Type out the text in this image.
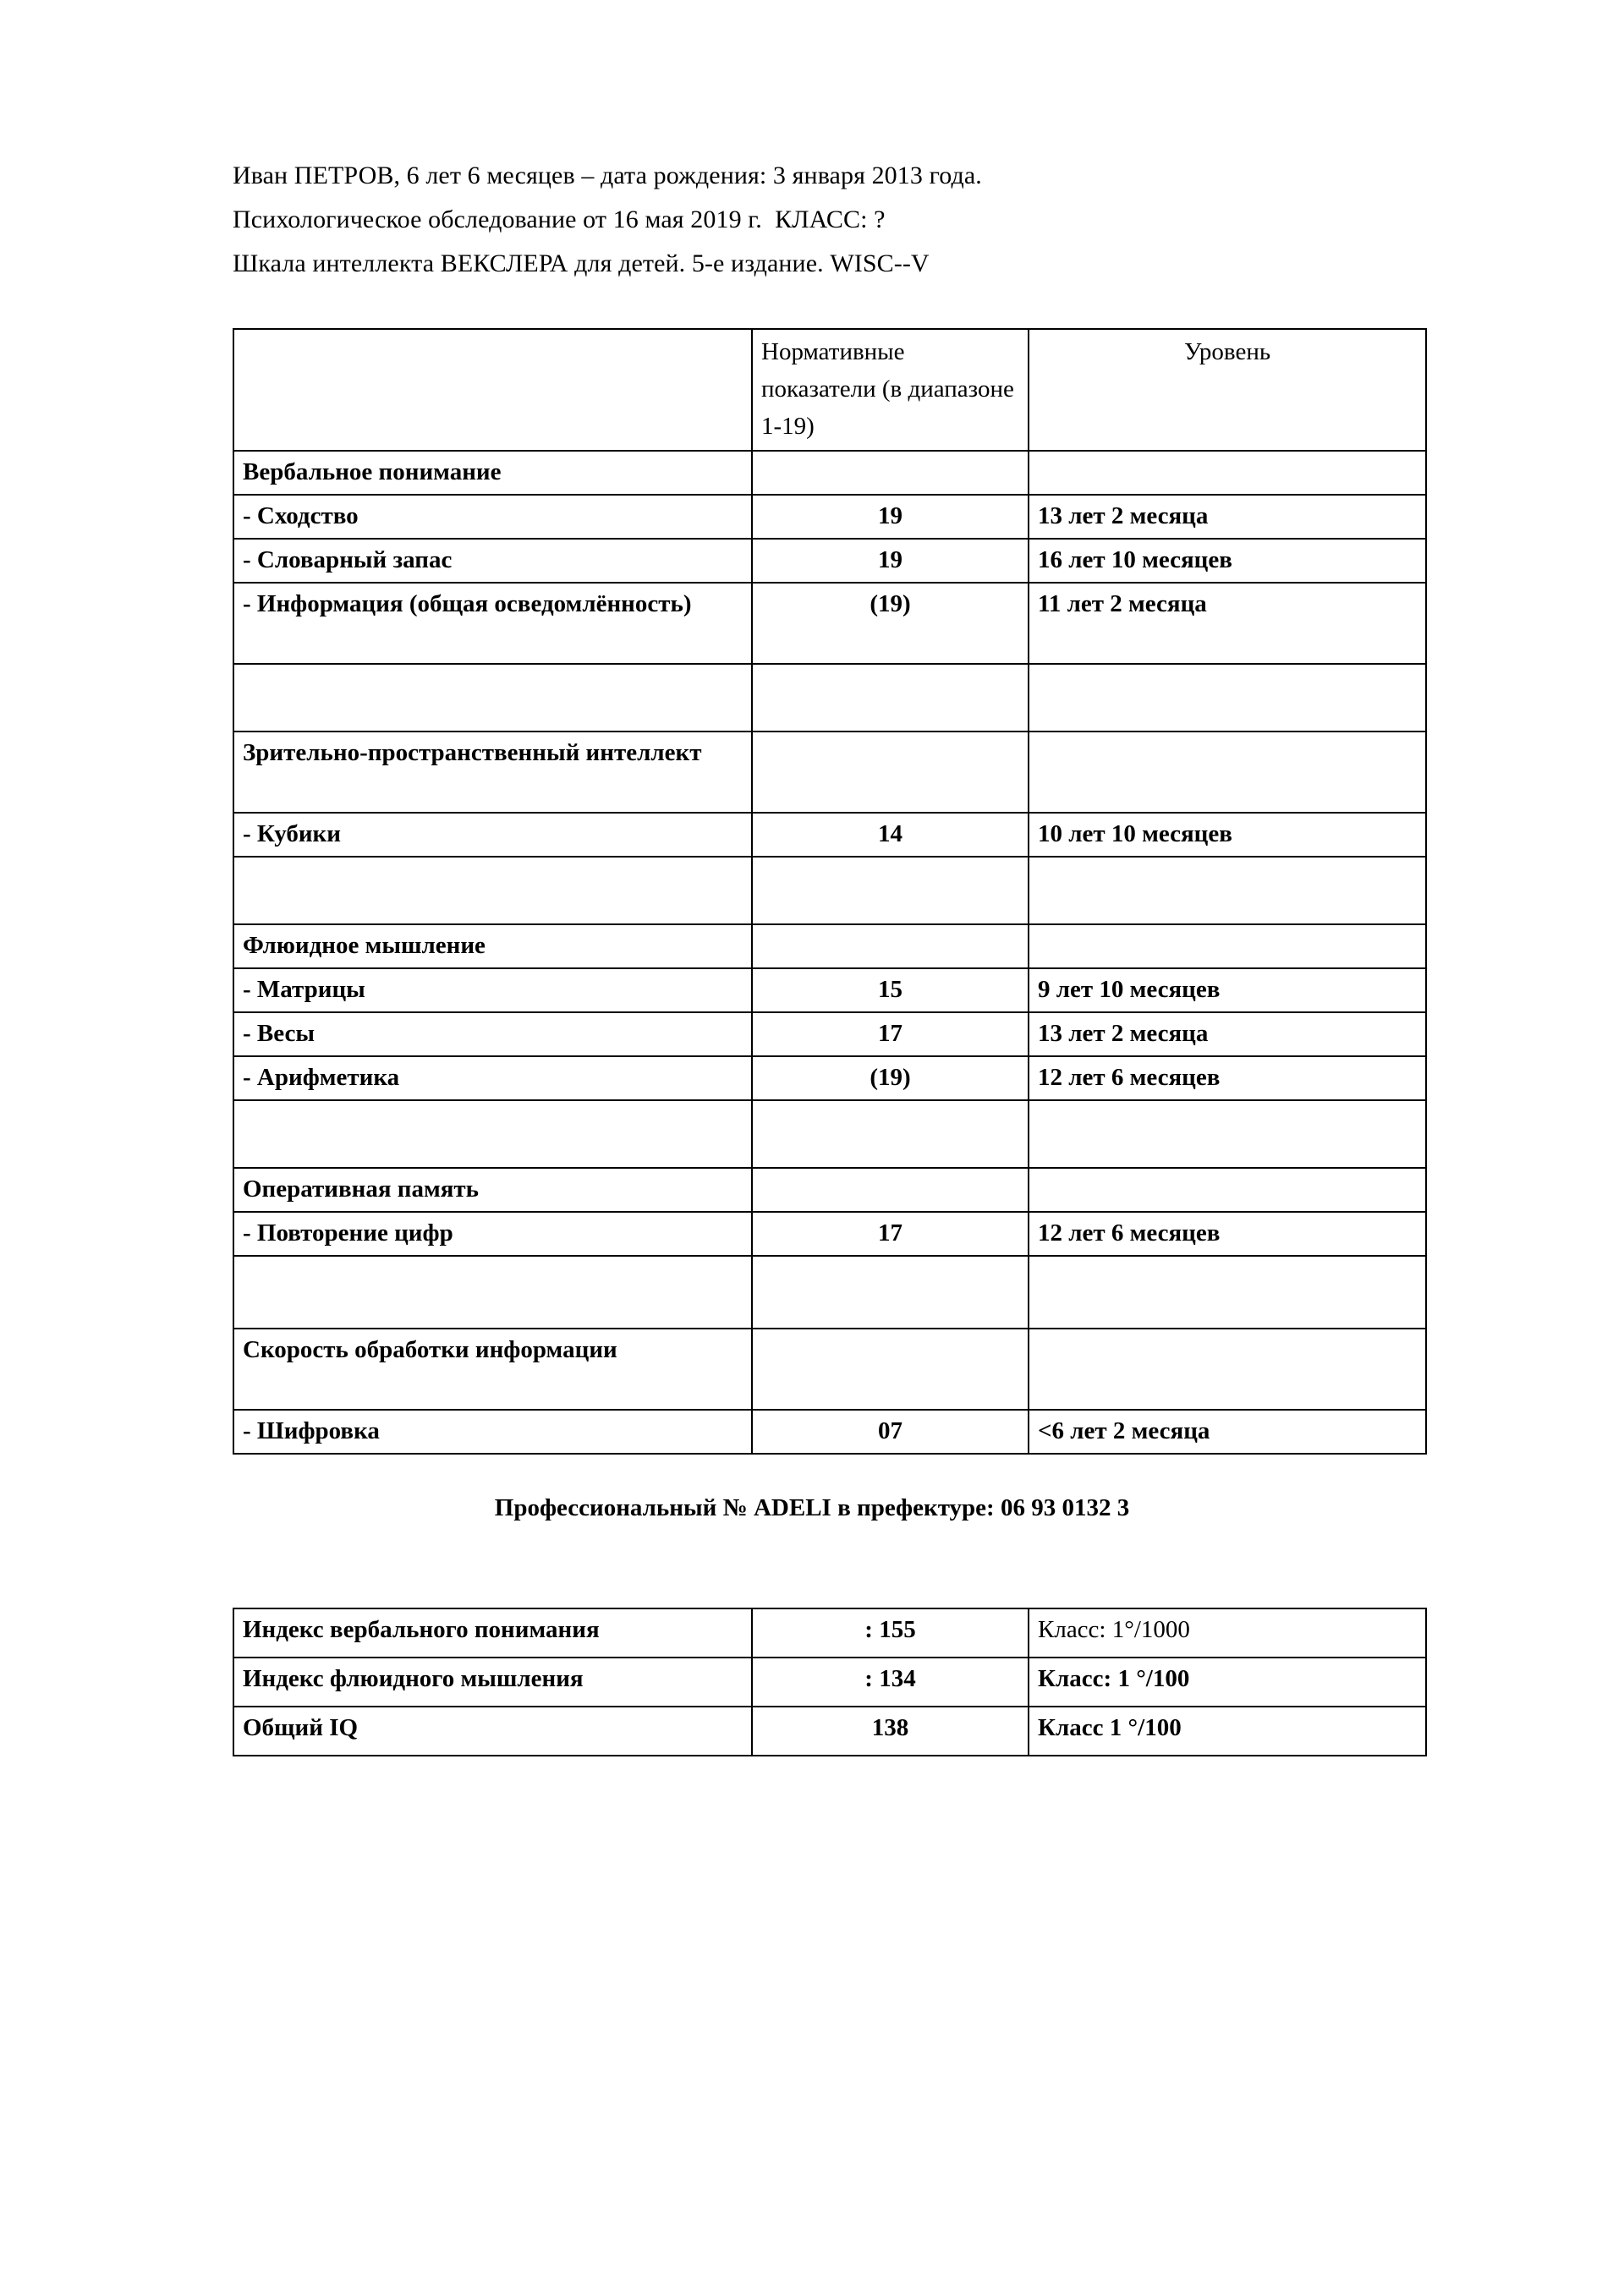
Иван ПЕТРОВ, 6 лет 6 месяцев – дата рождения: 3 января 2013 года.
Психологическое обследование от 16 мая 2019 г.  КЛАСС: ?
Шкала интеллекта ВЕКСЛЕРА для детей. 5-е издание. WISC--V
	Нормативные показатели (в диапазоне 1-19)	Уровень
Вербальное понимание		
- Сходство	19	13 лет 2 месяца
- Словарный запас	19	16 лет 10 месяцев
- Информация (общая осведомлённость)	(19)	11 лет 2 месяца

Зрительно-пространственный интеллект		
- Кубики	14	10 лет 10 месяцев

Флюидное мышление		
- Матрицы	15	9 лет 10 месяцев
- Весы	17	13 лет 2 месяца
- Арифметика	(19)	12 лет 6 месяцев

Оперативная память		
- Повторение цифр	17	12 лет 6 месяцев

Скорость обработки информации		
- Шифровка	07	<6 лет 2 месяца
Профессиональный № ADELI в префектуре: 06 93 0132 3
Индекс вербального понимания	: 155	Класс: 1°/1000
Индекс флюидного мышления	: 134	Класс: 1 °/100
Общий IQ	138	Класс 1 °/100
